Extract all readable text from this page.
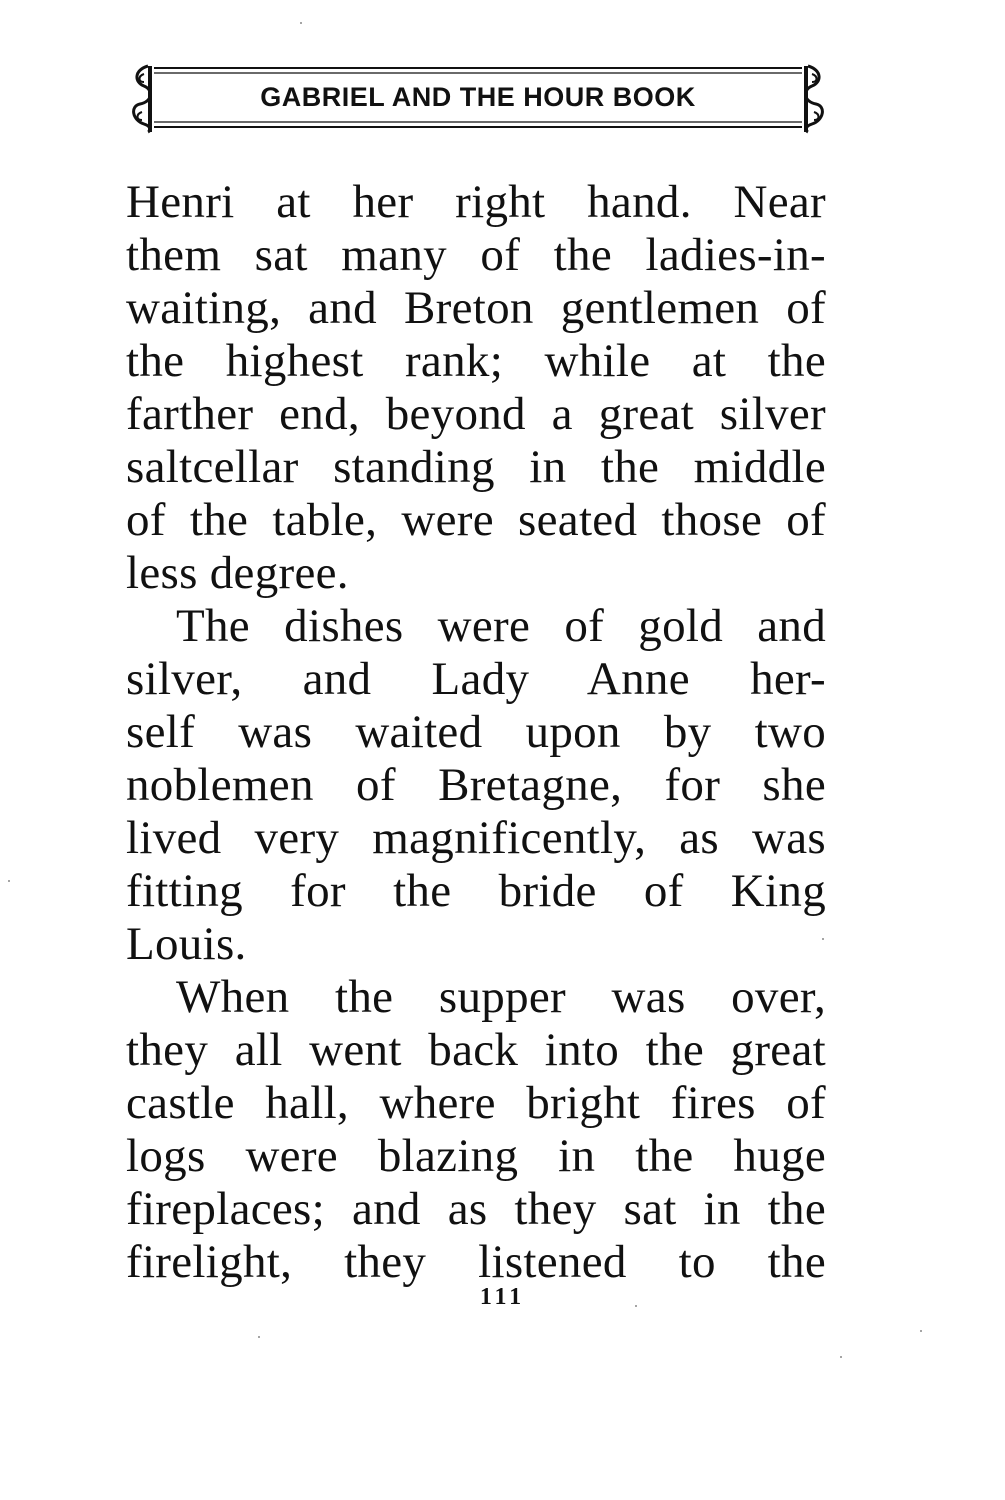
GABRIEL AND THE HOUR BOOK
Henri at her right hand. Near
them sat many of the ladies-in-
waiting, and Breton gentlemen of
the highest rank; while at the
farther end, beyond a great silver
saltcellar standing in the middle
of the table, were seated those of
less degree.
The dishes were of gold and
silver, and Lady Anne her-
self was waited upon by two
noblemen of Bretagne, for she
lived very magnificently, as was
fitting for the bride of King
Louis.
When the supper was over,
they all went back into the great
castle hall, where bright fires of
logs were blazing in the huge
fireplaces; and as they sat in the
firelight, they listened to the
111
